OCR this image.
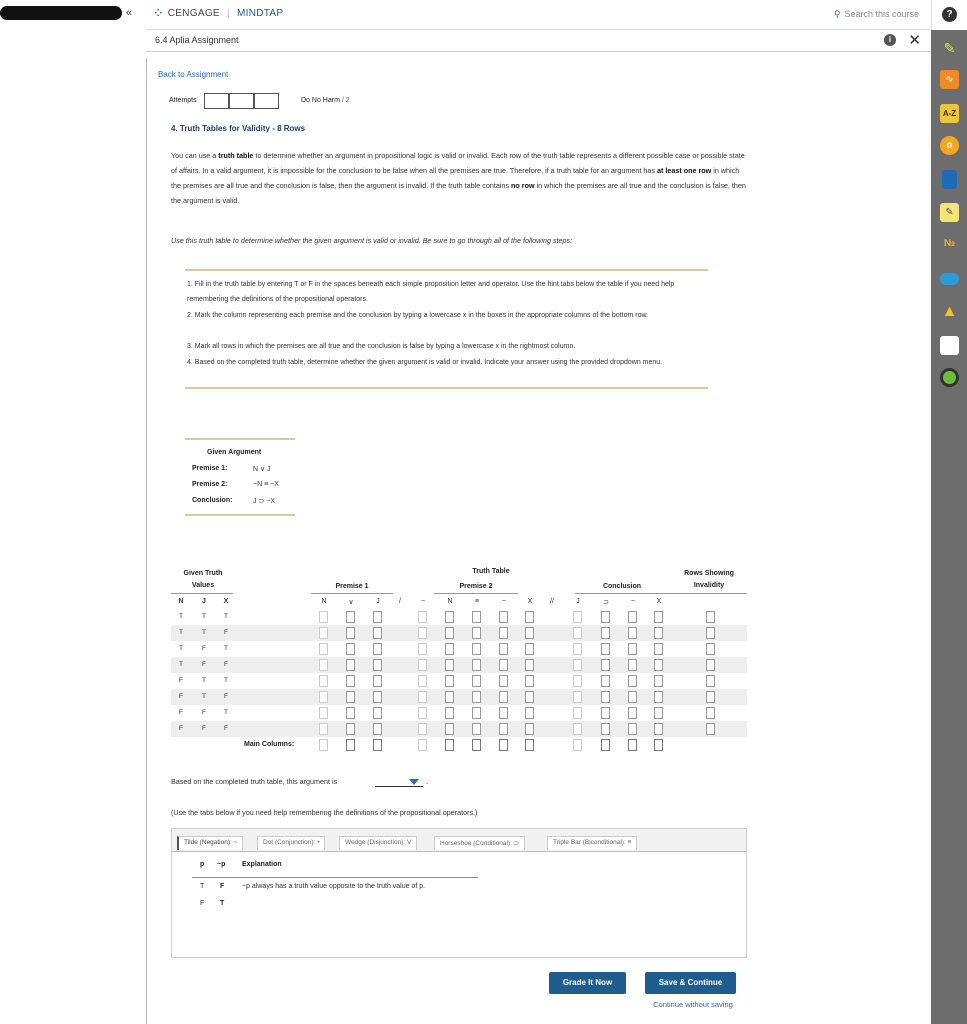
« ⁘ CENGAGE | MINDTAP	⚲ Search this course	?
✎
∿
A-Z
o
✎
№
▲
6.4 Aplia Assignment	i	✕
Back to Assignment
Attempts	Do No Harm / 2
4. Truth Tables for Validity - 8 Rows
You can use a truth table to determine whether an argument in propositional logic is valid or invalid. Each row of the truth table represents a different possible case or possible state of affairs. In a valid argument, it is impossible for the conclusion to be false when all the premises are true. Therefore, if a truth table for an argument has at least one row in which the premises are all true and the conclusion is false, then the argument is invalid. If the truth table contains no row in which the premises are all true and the conclusion is false, then the argument is valid.
Use this truth table to determine whether the given argument is valid or invalid. Be sure to go through all of the following steps:
1. Fill in the truth table by entering T or F in the spaces beneath each simple proposition letter and operator. Use the hint tabs below the table if you need help remembering the definitions of the propositional operators.
2. Mark the column representing each premise and the conclusion by typing a lowercase x in the boxes in the appropriate columns of the bottom row.
3. Mark all rows in which the premises are all true and the conclusion is false by typing a lowercase x in the rightmost column.
4. Based on the completed truth table, determine whether the given argument is valid or invalid. Indicate your answer using the provided dropdown menu.
Given Argument
Premise 1:	N ∨ J
Premise 2:	~N ≡ ~X
Conclusion:	J ⊃ ~X
Given Truth
Values
Truth Table	Rows Showing
Invalidity
Premise 1	Premise 2	Conclusion
N	J	X	N	∨	J	/	~	N	≡	~	X	//	J	⊃	~	X
T	T	T
T	T	F
T	F	T
T	F	F
F	T	T
F	T	F
F	F	T
F	F	F
Main Columns:
Based on the completed truth table, this argument is	.
(Use the tabs below if you need help remembering the definitions of the propositional operators.)
Tilde (Negation): ~	Dot (Conjunction): •	Wedge (Disjunction): V	Horseshoe (Conditional): ⊃	Triple Bar (Biconditional): ≡
p ~p Explanation
T F	~p always has a truth value opposite to the truth value of p.
F T
Grade It Now	Save & Continue
Continue without saving
